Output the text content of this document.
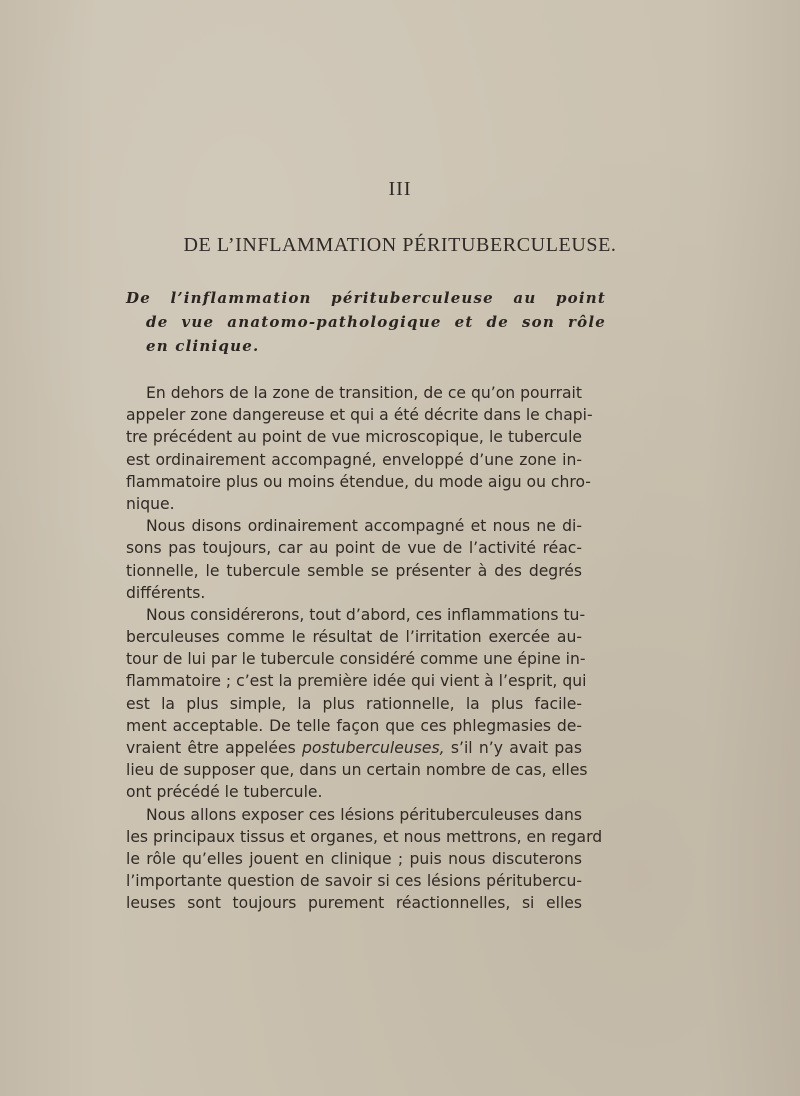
III
DE L’INFLAMMATION PÉRITUBERCULEUSE.
De l’inflammation pérituberculeuse au point
de vue anatomo-pathologique et de son rôle
en clinique.
En dehors de la zone de transition, de ce qu’on pourrait
appeler zone dangereuse et qui a été décrite dans le chapi-
tre précédent au point de vue microscopique, le tubercule
est ordinairement accompagné, enveloppé d’une zone in-
flammatoire plus ou moins étendue, du mode aigu ou chro-
nique.
Nous disons ordinairement accompagné et nous ne di-
sons pas toujours, car au point de vue de l’activité réac-
tionnelle, le tubercule semble se présenter à des degrés
différents.
Nous considérerons, tout d’abord, ces inflammations tu-
berculeuses comme le résultat de l’irritation exercée au-
tour de lui par le tubercule considéré comme une épine in-
flammatoire ; c’est la première idée qui vient à l’esprit, qui
est la plus simple, la plus rationnelle, la plus facile-
ment acceptable. De telle façon que ces phlegmasies de-
vraient être appelées postuberculeuses, s’il n’y avait pas
lieu de supposer que, dans un certain nombre de cas, elles
ont précédé le tubercule.
Nous allons exposer ces lésions pérituberculeuses dans
les principaux tissus et organes, et nous mettrons, en regard
le rôle qu’elles jouent en clinique ; puis nous discuterons
l’importante question de savoir si ces lésions péritubercu-
leuses sont toujours purement réactionnelles, si elles
